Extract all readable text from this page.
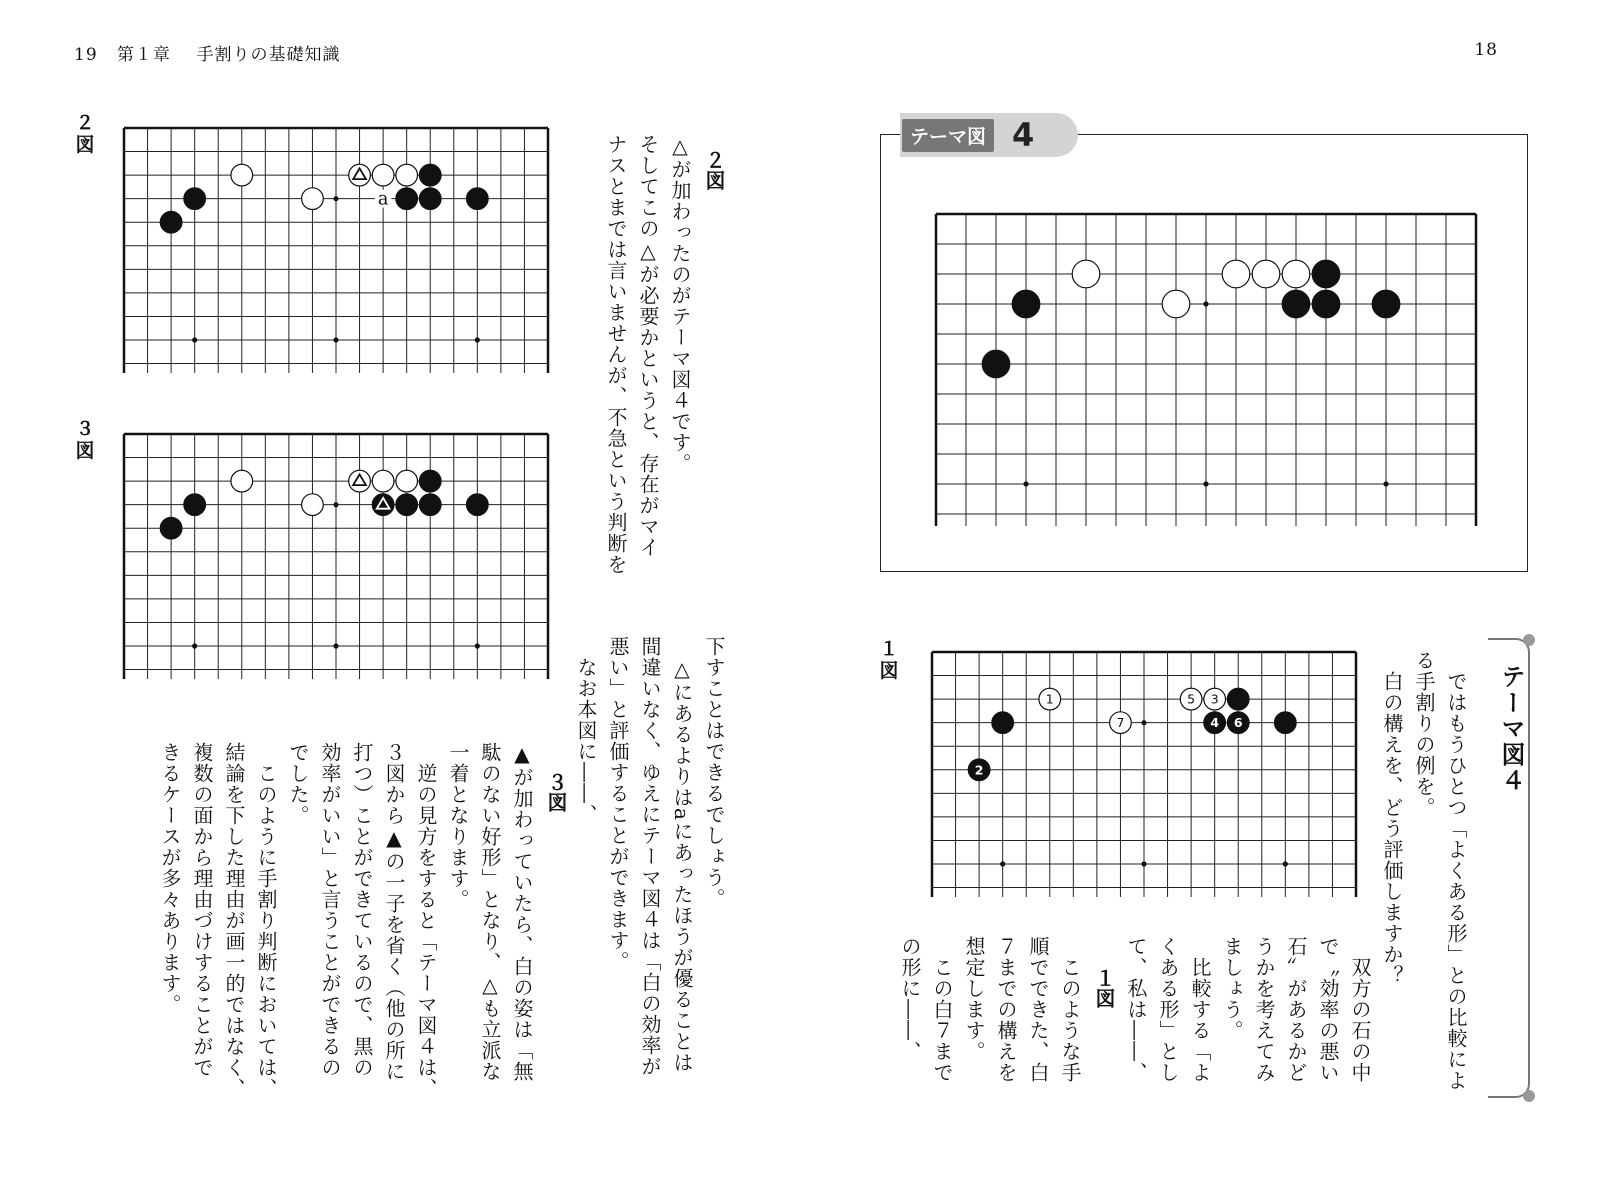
19 第１章 手割りの基礎知識	18
２図
３図
１図
a
テーマ図 4
1
2
3
4
5
6
7	テーマ図４
２図
△が加わったのがテーマ図４です。
そしてこの△が必要かというと、存在がマイ
ナスとまでは言いませんが、不急という判断を
下すことはできるでしょう。
　△にあるよりはaにあったほうが優ることは
間違いなく、ゆえにテーマ図４は「白の効率が
悪い」と評価することができます。
　なお本図に――、
３図
▲が加わっていたら、白の姿は「無
駄のない好形」となり、△も立派な
一着となります。
　逆の見方をすると「テーマ図４は、
３図から▲の一子を省く（他の所に
打つ）ことができているので、黒の
効率がいい」と言うことができるの
でした。
　このように手割り判断においては、
結論を下した理由が画一的ではなく、
複数の面から理由づけすることがで
きるケースが多々あります。	　ではもうひとつ「よくある形」との比較によ
る手割りの例を。
　白の構えを、どう評価しますか？
　双方の石の中
で〝効率の悪い
石〟があるかど
うかを考えてみ
ましょう。
　比較する「よ
くある形」とし
て、私は――、
１図
　このような手
順でできた、白
７までの構えを
想定します。
　この白７まで
の形に――、
